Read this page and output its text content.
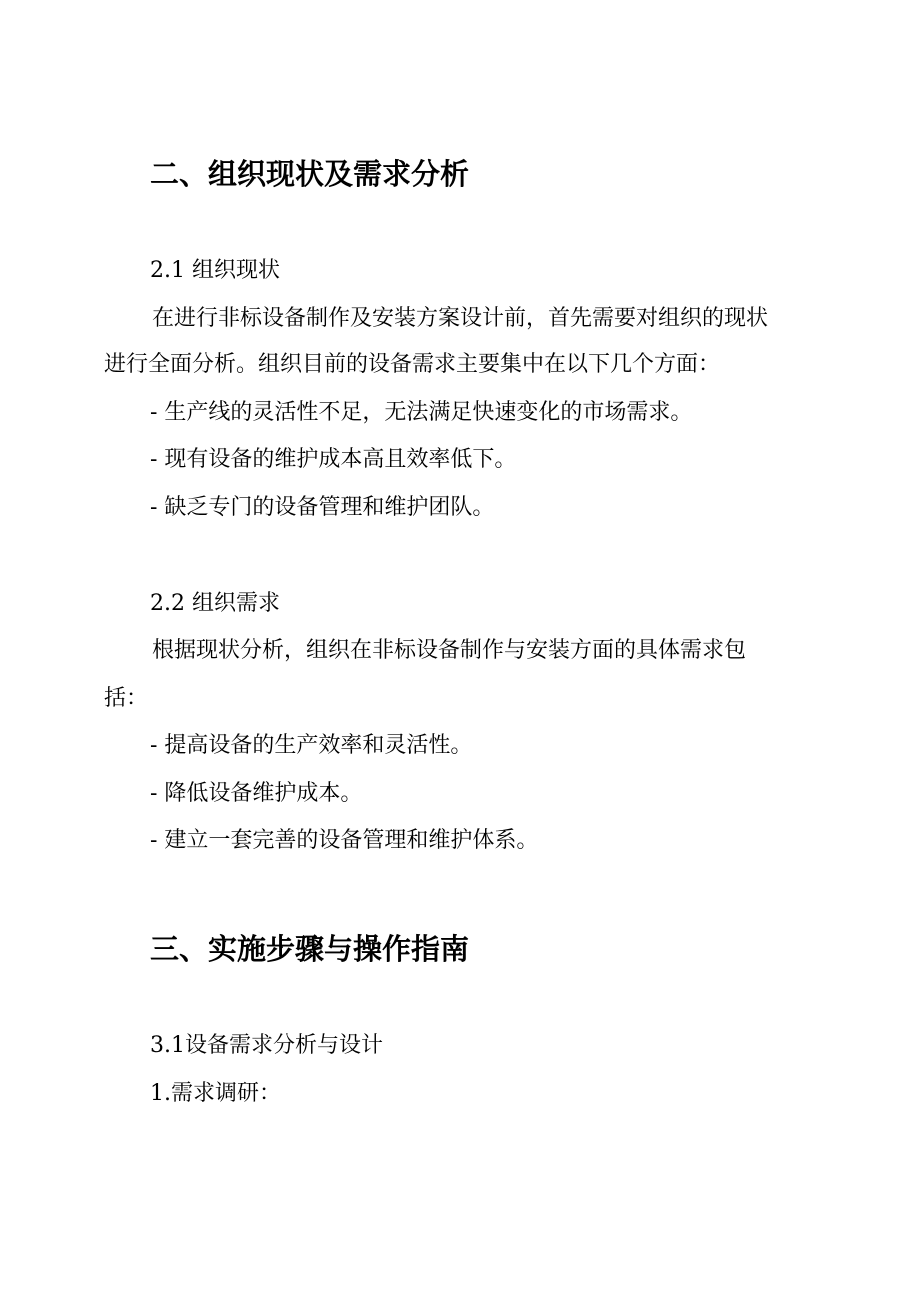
二、组织现状及需求分析

2.1 组织现状

在进行非标设备制作及安装方案设计前，首先需要对组织的现状

进行全面分析。组织目前的设备需求主要集中在以下几个方面：

- 生产线的灵活性不足，无法满足快速变化的市场需求。

- 现有设备的维护成本高且效率低下。

- 缺乏专门的设备管理和维护团队。

2.2 组织需求

根据现状分析，组织在非标设备制作与安装方面的具体需求包

括：

- 提高设备的生产效率和灵活性。

- 降低设备维护成本。

- 建立一套完善的设备管理和维护体系。

三、实施步骤与操作指南

3.1设备需求分析与设计

1.需求调研：
